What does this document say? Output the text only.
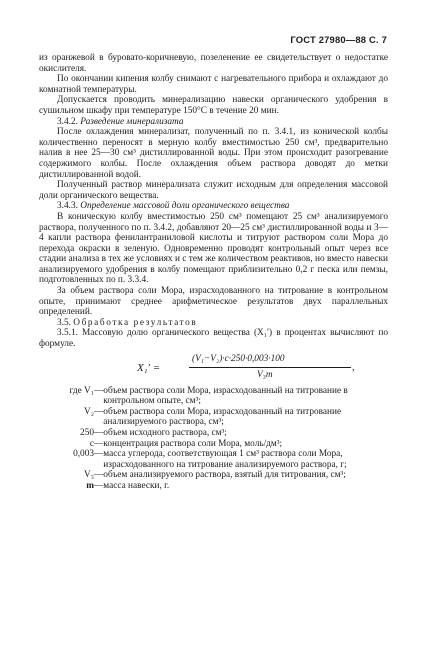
ГОСТ 27980—88 С. 7

из оранжевой в буровато-коричневую, позеленение ее свидетельствует о недостатке окислителя.

По окончании кипения колбу снимают с нагревательного прибора и охлаждают до комнатной температуры.

Допускается проводить минерализацию навески органического удобрения в сушильном шкафу при температуре 150°С в течение 20 мин.

3.4.2. Разведение минерализата

После охлаждения минерализат, полученный по п. 3.4.1, из конической колбы количественно переносят в мерную колбу вместимостью 250 см³, предварительно налив в нее 25—30 см³ дистиллированной воды. При этом происходит разогревание содержимого колбы. После охлаждения объем раствора доводят до метки дистиллированной водой.

Полученный раствор минерализата служит исходным для определения массовой доли органического вещества.

3.4.3. Определение массовой доли органического вещества

В коническую колбу вместимостью 250 см³ помещают 25 см³ анализируемого раствора, полученного по п. 3.4.2, добавляют 20—25 см³ дистиллированной воды и 3—4 капли раствора фенилантраниловой кислоты и титруют раствором соли Мора до перехода окраски в зеленую. Одновременно проводят контрольный опыт через все стадии анализа в тех же условиях и с тем же количеством реактивов, но вместо навески анализируемого удобрения в колбу помещают приблизительно 0,2 г песка или пемзы, подготовленных по п. 3.3.4.

За объем раствора соли Мора, израсходованного на титрование в контрольном опыте, принимают среднее арифметическое результатов двух параллельных определений.

3.5. Обработка результатов

3.5.1. Массовую долю органического вещества (X₁′) в процентах вычисляют по формуле.

X₁′ =
(V₁−V₂)·c·250·0,003·100
V₃m
,
где V₁ — объем раствора соли Мора, израсходованный на титрование в контрольном опыте, см³;
V₂ — объем раствора соли Мора, израсходованный на титрование анализируемого раствора, см³;
250 — объем исходного раствора, см³;
c — концентрация раствора соли Мора, моль/дм³;
0,003 — масса углерода, соответствующая 1 см³ раствора соли Мора, израсходованного на титрование анализируемого раствора, г;
V₃ — объем анализируемого раствора, взятый для титрования, см³;
m — масса навески, г.
